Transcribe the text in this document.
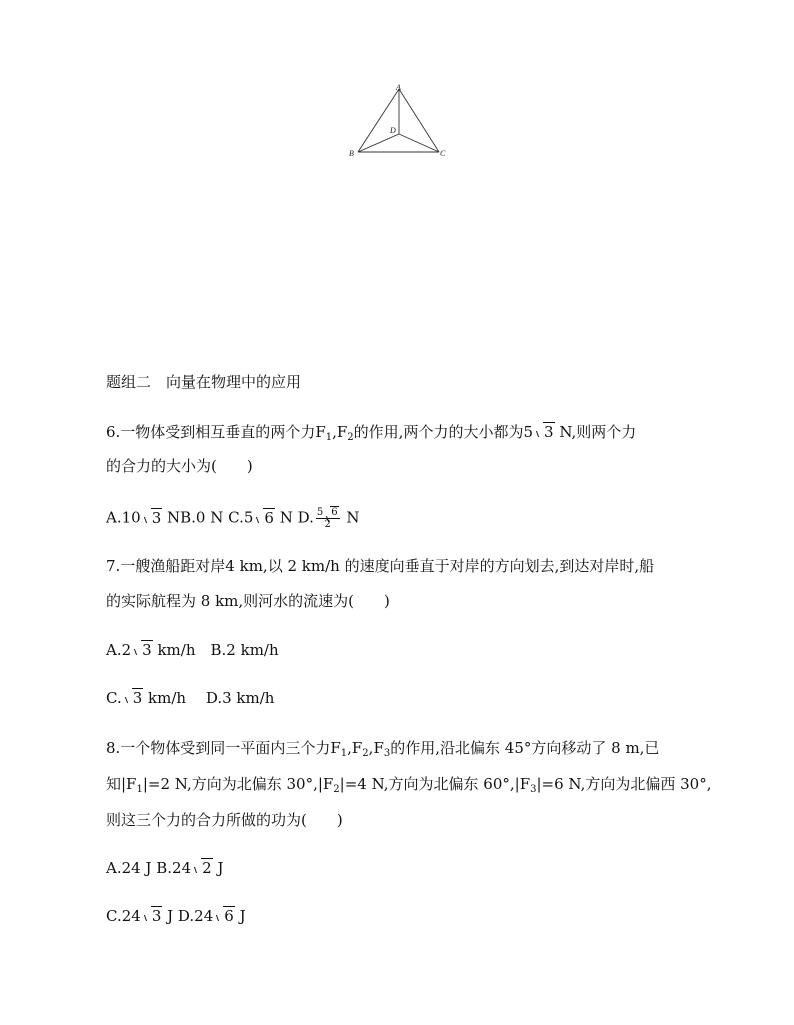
A
B	C
D
题组二　向量在物理中的应用
6.一物体受到相互垂直的两个力$F_1,F_2$的作用,两个力的大小都为5 3 N,则两个力
的合力的大小为(　　)
A.10 3 NB.0 N C.5 6 N D. $\frac{5 6}{2}$ N
7.一艘渔船距对岸4 km,以 2 km/h 的速度向垂直于对岸的方向划去,到达对岸时,船
的实际航程为 8 km,则河水的流速为(　　)
A.2 3 km/h　B.2 km/h
C. 3 km/h　 D.3 km/h
8.一个物体受到同一平面内三个力$F_1,F_2,F_3$的作用,沿北偏东 45°方向移动了 8 m,已
知$|F_1|=2$ N,方向为北偏东 $30^\circ,|F_2|=4$ N,方向为北偏东 $60^\circ,|F_3|=6$ N,方向为北偏西 30°,
则这三个力的合力所做的功为(　　)
A.24 J B.24 2 J
C.24 3 J D.24 6 J
